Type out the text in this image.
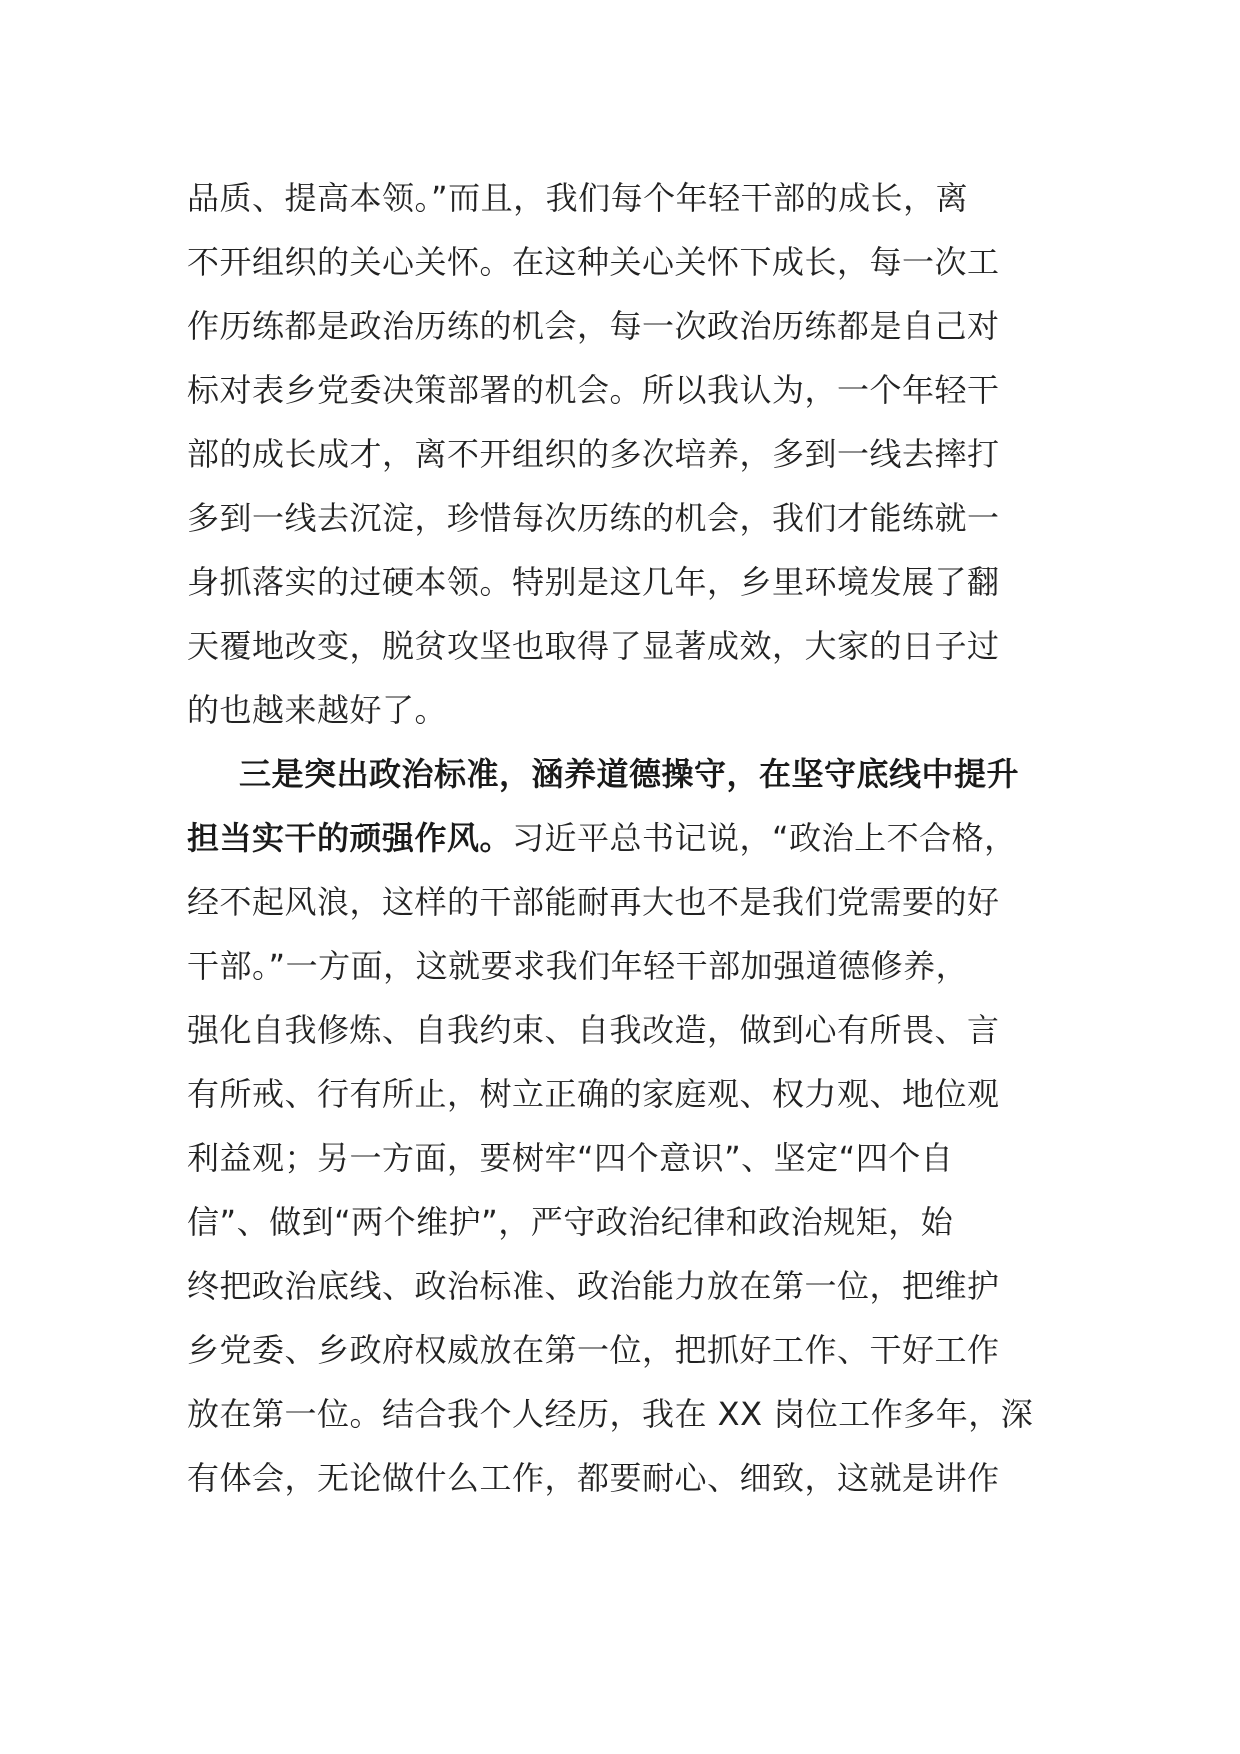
品质、提高本领。”而且，我们每个年轻干部的成长，离
不开组织的关心关怀。在这种关心关怀下成长，每一次工
作历练都是政治历练的机会，每一次政治历练都是自己对
标对表乡党委决策部署的机会。所以我认为，一个年轻干
部的成长成才，离不开组织的多次培养，多到一线去摔打
多到一线去沉淀，珍惜每次历练的机会，我们才能练就一
身抓落实的过硬本领。特别是这几年，乡里环境发展了翻
天覆地改变，脱贫攻坚也取得了显著成效，大家的日子过
的也越来越好了。
三是突出政治标准，涵养道德操守，在坚守底线中提升
担当实干的顽强作风。习近平总书记说，“政治上不合格，
经不起风浪，这样的干部能耐再大也不是我们党需要的好
干部。”一方面，这就要求我们年轻干部加强道德修养，
强化自我修炼、自我约束、自我改造，做到心有所畏、言
有所戒、行有所止，树立正确的家庭观、权力观、地位观
利益观；另一方面，要树牢“四个意识”、坚定“四个自
信”、做到“两个维护”，严守政治纪律和政治规矩，始
终把政治底线、政治标准、政治能力放在第一位，把维护
乡党委、乡政府权威放在第一位，把抓好工作、干好工作
放在第一位。结合我个人经历，我在 XX 岗位工作多年，深
有体会，无论做什么工作，都要耐心、细致，这就是讲作
